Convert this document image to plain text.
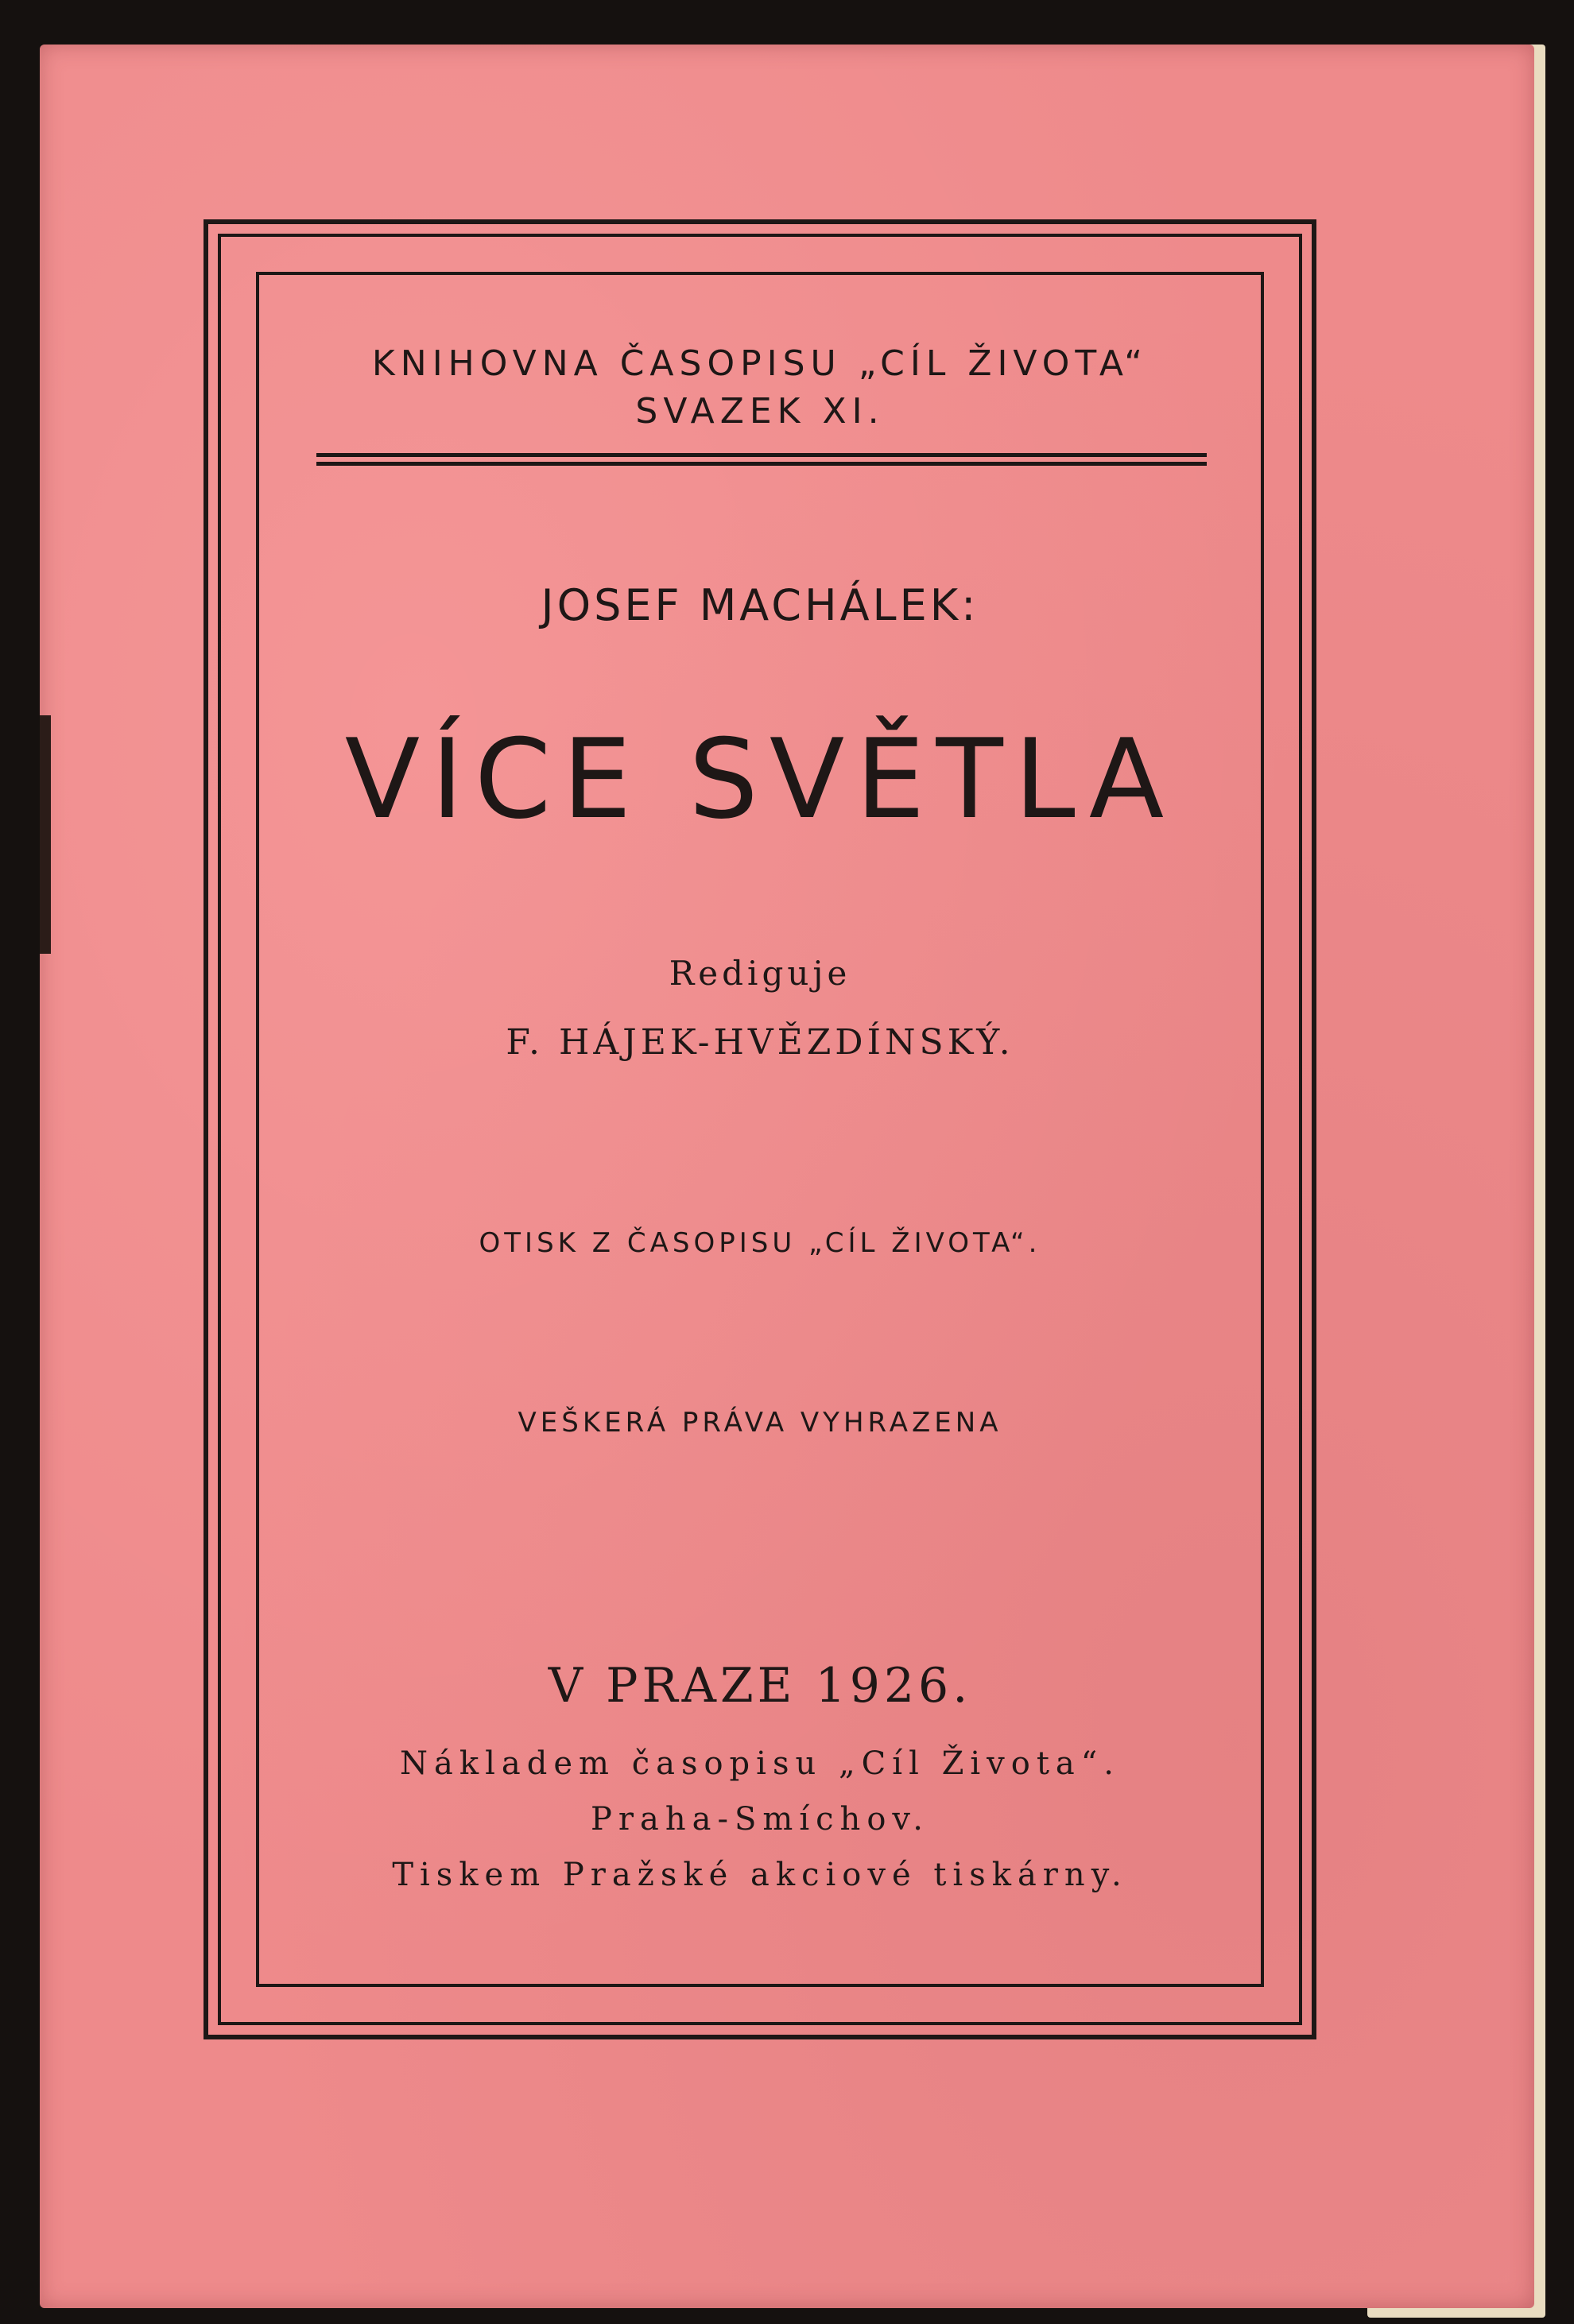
KNIHOVNA ČASOPISU „CÍL ŽIVOTA“
SVAZEK XI.
JOSEF MACHÁLEK:
VÍCE SVĚTLA
Rediguje
F. HÁJEK-HVĚZDÍNSKÝ.
OTISK Z ČASOPISU „CÍL ŽIVOTA“.
VEŠKERÁ PRÁVA VYHRAZENA
V PRAZE 1926.
Nákladem časopisu „Cíl Života“.
Praha-Smíchov.
Tiskem Pražské akciové tiskárny.
